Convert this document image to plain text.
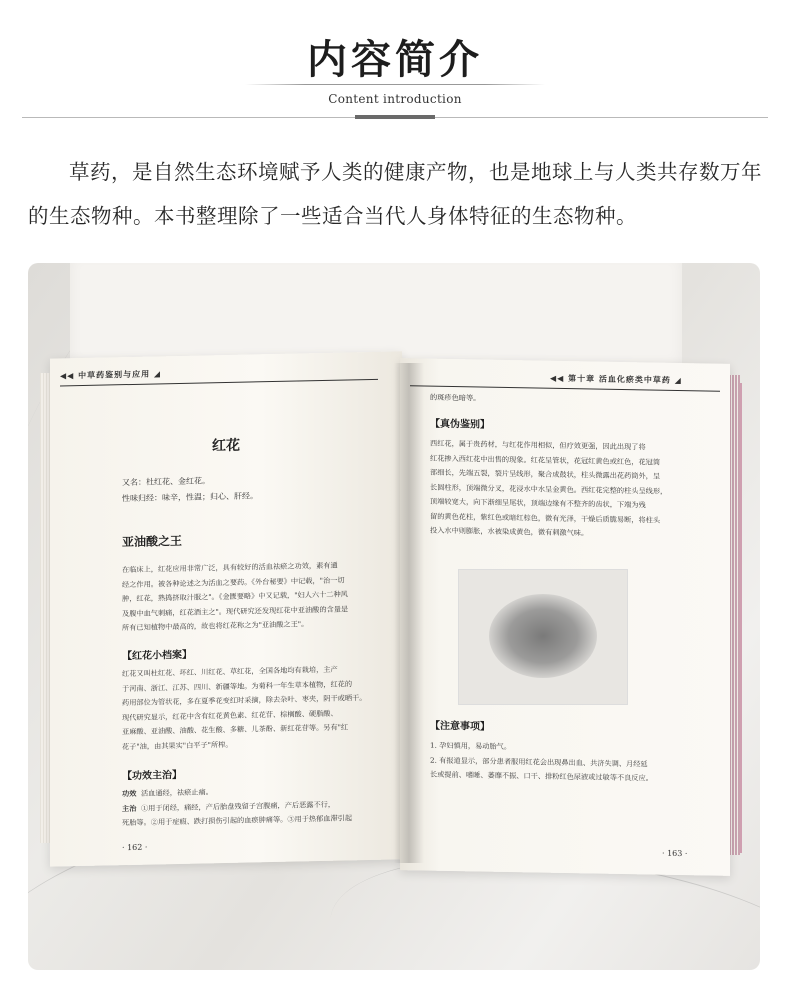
内容简介
Content introduction
草药，是自然生态环境赋予人类的健康产物，也是地球上与人类共存数万年的生态物种。本书整理除了一些适合当代人身体特征的生态物种。
◀◀ 中草药鉴别与应用 ◢
红花
又名：杜红花、金红花。
性味归经：味辛，性温；归心、肝经。
亚油酸之王
在临床上，红花应用非常广泛，具有较好的活血祛瘀之功效，素有通
经之作用。被各种论述之为活血之要药。《外台秘要》中记载，"治一切
肿，红花，熟捣挤取汁服之"。《金匮要略》中又记载，"妇人六十二种风
及腹中血气刺痛，红花酒主之"。现代研究还发现红花中亚油酸的含量是
所有已知植物中最高的，故也将红花称之为"亚油酸之王"。
【红花小档案】
红花又叫杜红花、坏红、川红花、草红花，全国各地均有栽培，主产
于河南、浙江、江苏、四川、新疆等地。为菊科一年生草本植物，红花的
药用部位为管状花，多在夏季花变红时采摘，除去杂叶、枣夹，阴干或晒干。
现代研究显示，红花中含有红花黄色素、红花苷、棕榈酸、硬脂酸、
亚麻酸、亚油酸、油酸、花生酸、多糖、儿茶酚、新红花苷等。另有"红
花子"油，由其果实"白平子"所榨。
【功效主治】
功效 活血通经，祛瘀止痛。
主治 ①用于闭经，痛经，产后胎盘残留子宫腹痛，产后恶露不行，
死胎等。②用于症瘕、跌打损伤引起的血瘀肿痛等。③用于热郁血滞引起
· 162 ·
◀◀ 第十章 活血化瘀类中草药 ◢
的斑疹色暗等。
【真伪鉴别】
西红花，属于贵药材，与红花作用相似，但疗效更强，因此出现了将
红花掺入西红花中出售的现象。红花呈管状，花冠红黄色或红色，花冠筒
部细长，先端五裂，裂片呈线形，聚合成鼓状，柱头微露出花药筒外，呈
长圆柱形，顶端微分叉，花浸水中水呈金黄色。西红花完整的柱头呈线形，
顶端较宽大，向下渐细呈尾状，顶端边缘有不整齐的齿状，下端为残
留的黄色花柱，紫红色或暗红棕色，微有光泽，干燥后质脆易断，将柱头
投入水中则膨胀，水被染成黄色，微有刺激气味。
【注意事项】
1. 孕妇慎用，易动胎气。
2. 有报道显示，部分患者服用红花会出现鼻出血、共济失调、月经延
长或提前、嗜睡、萎靡不振、口干、排粉红色尿液或过敏等不良反应。
· 163 ·
